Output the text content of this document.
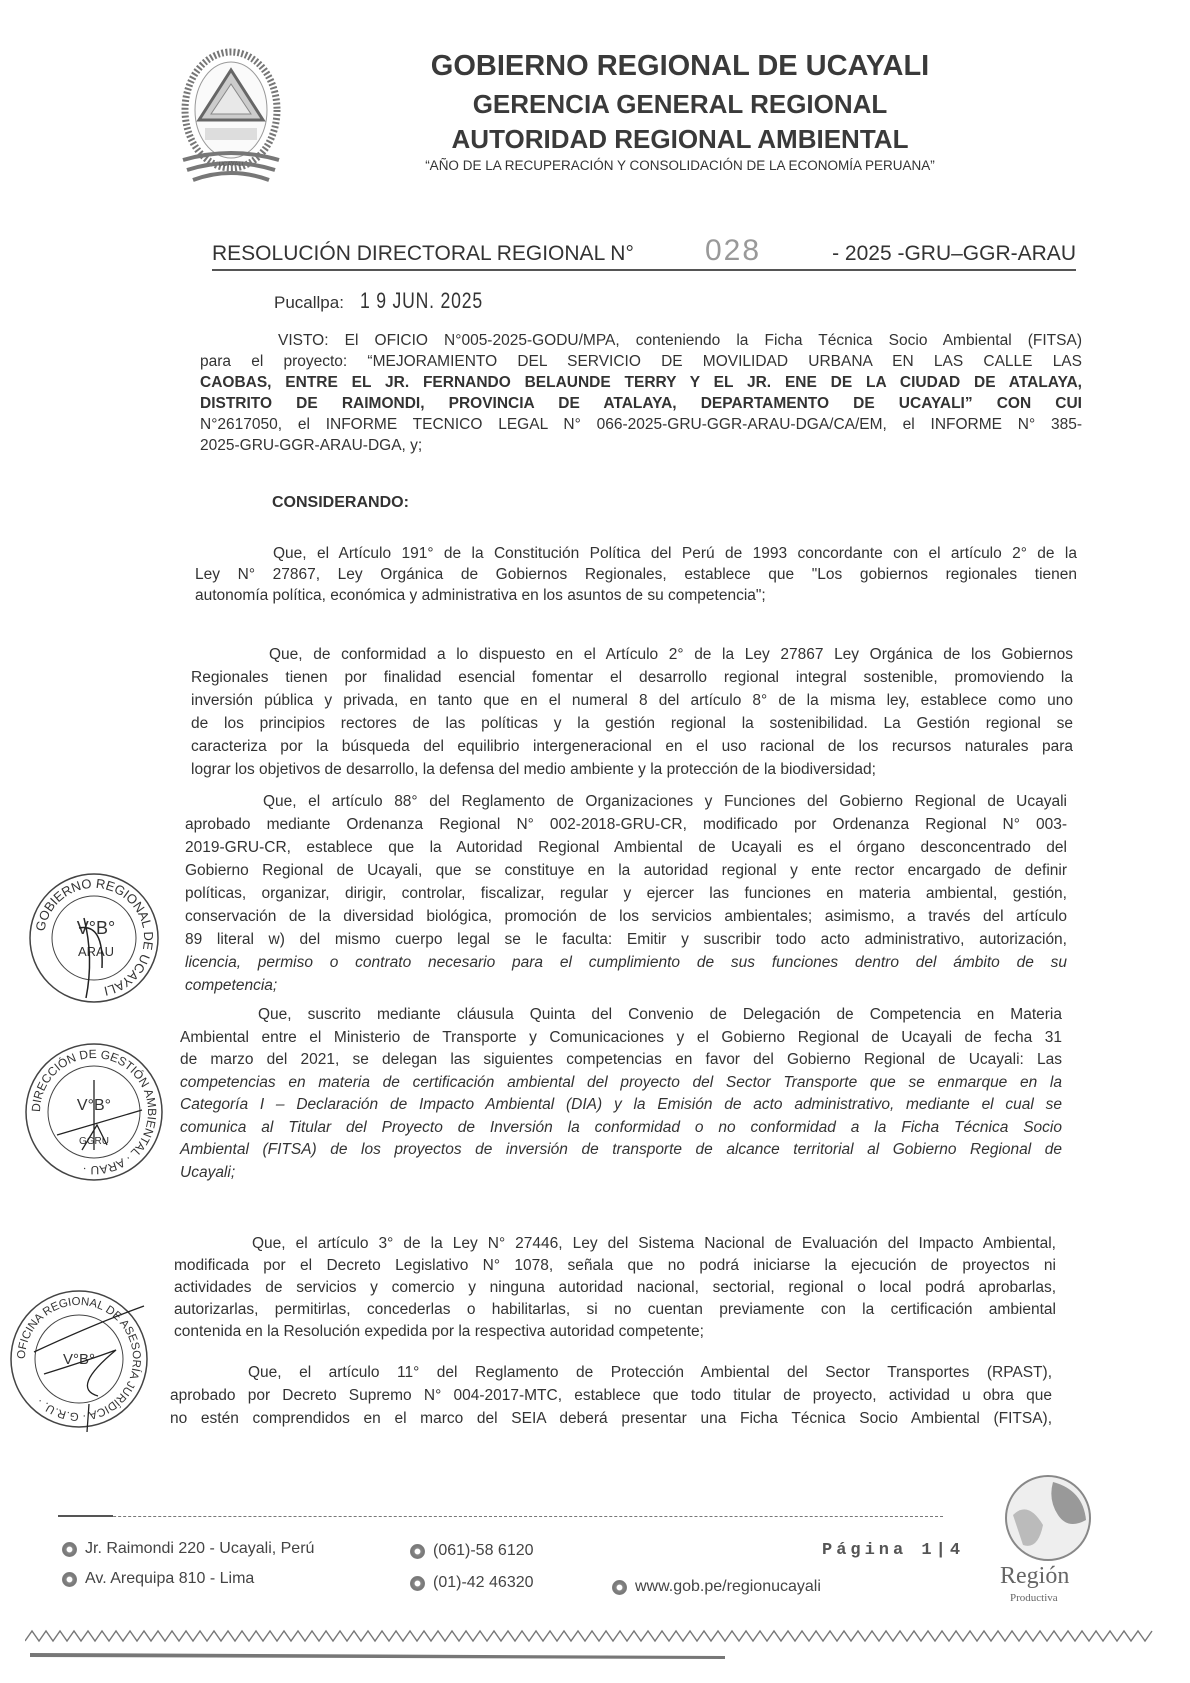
UCAYALI
GOBIERNO REGIONAL DE UCAYALI
GERENCIA GENERAL REGIONAL
AUTORIDAD REGIONAL AMBIENTAL
“AÑO DE LA RECUPERACIÓN Y CONSOLIDACIÓN DE LA ECONOMÍA PERUANA”
RESOLUCIÓN DIRECTORAL REGIONAL N° 028	- 2025 -GRU–GGR-ARAU
Pucallpa: 1 9 JUN. 2025
VISTO: El OFICIO N°005-2025-GODU/MPA, conteniendo la Ficha Técnica Socio Ambiental (FITSA)
para el proyecto: “MEJORAMIENTO DEL SERVICIO DE MOVILIDAD URBANA EN LAS CALLE LAS
CAOBAS, ENTRE EL JR. FERNANDO BELAUNDE TERRY Y EL JR. ENE DE LA CIUDAD DE ATALAYA,
DISTRITO DE RAIMONDI, PROVINCIA DE ATALAYA, DEPARTAMENTO DE UCAYALI” CON CUI
N°2617050, el INFORME TECNICO LEGAL N° 066-2025-GRU-GGR-ARAU-DGA/CA/EM, el INFORME N° 385-
2025-GRU-GGR-ARAU-DGA, y;
CONSIDERANDO:
Que, el Artículo 191° de la Constitución Política del Perú de 1993 concordante con el artículo 2° de la
Ley N° 27867, Ley Orgánica de Gobiernos Regionales, establece que "Los gobiernos regionales tienen
autonomía política, económica y administrativa en los asuntos de su competencia";
Que, de conformidad a lo dispuesto en el Artículo 2° de la Ley 27867 Ley Orgánica de los Gobiernos
Regionales tienen por finalidad esencial fomentar el desarrollo regional integral sostenible, promoviendo la
inversión pública y privada, en tanto que en el numeral 8 del artículo 8° de la misma ley, establece como uno
de los principios rectores de las políticas y la gestión regional la sostenibilidad. La Gestión regional se
caracteriza por la búsqueda del equilibrio intergeneracional en el uso racional de los recursos naturales para
lograr los objetivos de desarrollo, la defensa del medio ambiente y la protección de la biodiversidad;
Que, el artículo 88° del Reglamento de Organizaciones y Funciones del Gobierno Regional de Ucayali
aprobado mediante Ordenanza Regional N° 002-2018-GRU-CR, modificado por Ordenanza Regional N° 003-
2019-GRU-CR, establece que la Autoridad Regional Ambiental de Ucayali es el órgano desconcentrado del
Gobierno Regional de Ucayali, que se constituye en la autoridad regional y ente rector encargado de definir
políticas, organizar, dirigir, controlar, fiscalizar, regular y ejercer las funciones en materia ambiental, gestión,
conservación de la diversidad biológica, promoción de los servicios ambientales; asimismo, a través del artículo
89 literal w) del mismo cuerpo legal se le faculta: Emitir y suscribir todo acto administrativo, autorización,
licencia, permiso o contrato necesario para el cumplimiento de sus funciones dentro del ámbito de su
competencia;
Que, suscrito mediante cláusula Quinta del Convenio de Delegación de Competencia en Materia
Ambiental entre el Ministerio de Transporte y Comunicaciones y el Gobierno Regional de Ucayali de fecha 31
de marzo del 2021, se delegan las siguientes competencias en favor del Gobierno Regional de Ucayali: Las
competencias en materia de certificación ambiental del proyecto del Sector Transporte que se enmarque en la
Categoría I – Declaración de Impacto Ambiental (DIA) y la Emisión de acto administrativo, mediante el cual se
comunica al Titular del Proyecto de Inversión la conformidad o no conformidad a la Ficha Técnica Socio
Ambiental (FITSA) de los proyectos de inversión de transporte de alcance territorial al Gobierno Regional de
Ucayali;
Que, el artículo 3° de la Ley N° 27446, Ley del Sistema Nacional de Evaluación del Impacto Ambiental,
modificada por el Decreto Legislativo N° 1078, señala que no podrá iniciarse la ejecución de proyectos ni
actividades de servicios y comercio y ninguna autoridad nacional, sectorial, regional o local podrá aprobarlas,
autorizarlas, permitirlas, concederlas o habilitarlas, si no cuentan previamente con la certificación ambiental
contenida en la Resolución expedida por la respectiva autoridad competente;
Que, el artículo 11° del Reglamento de Protección Ambiental del Sector Transportes (RPAST),
aprobado por Decreto Supremo N° 004-2017-MTC, establece que todo titular de proyecto, actividad u obra que
no estén comprendidos en el marco del SEIA deberá presentar una Ficha Técnica Socio Ambiental (FITSA),
GOBIERNO REGIONAL DE UCAYALI
V°B°
ARAU
DIRECCIÓN DE GESTIÓN AMBIENTAL · ARAU ·
V°B°
GGRU
OFICINA REGIONAL DE ASESORÍA JURÍDICA · G.R.U. ·
V°B°
Jr. Raimondi 220 - Ucayali, Perú
Av. Arequipa 810 - Lima
(061)-58 6120
(01)-42 46320	www.gob.pe/regionucayali
Página 1|4
Región
Productiva
